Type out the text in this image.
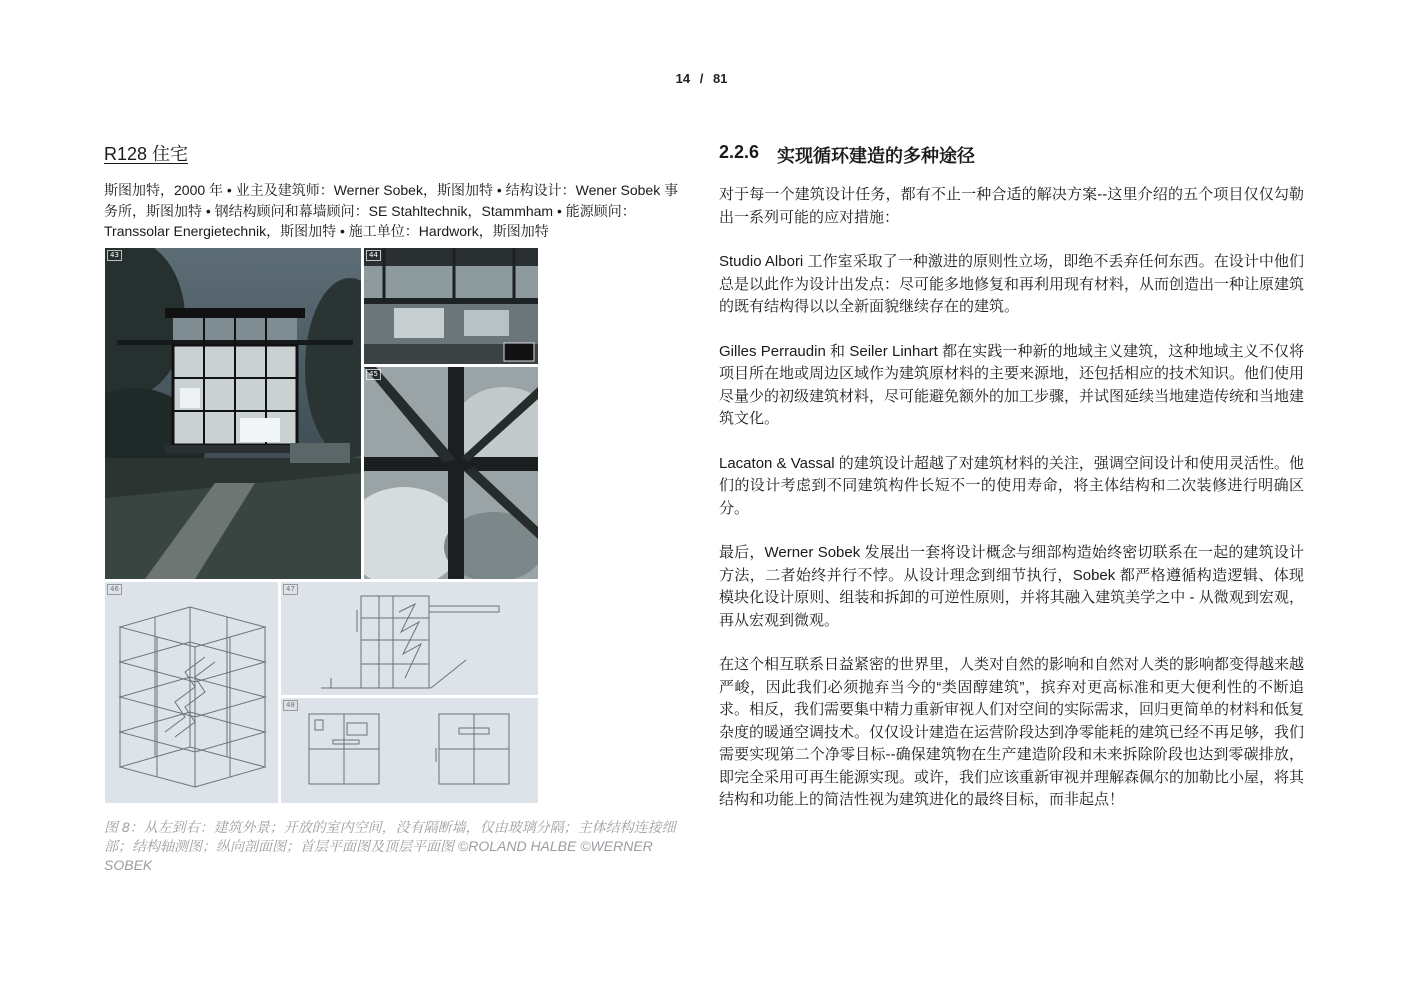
14 / 81
R128 住宅
斯图加特，2000 年 • 业主及建筑师：Werner Sobek，斯图加特 • 结构设计：Wener Sobek 事务所，斯图加特 • 钢结构顾问和幕墙顾问：SE Stahltechnik，Stammham • 能源顾问：Transsolar Energietechnik，斯图加特 • 施工单位：Hardwork，斯图加特
43	44
45
46	47
48
图 8：从左到右：建筑外景；开放的室内空间，没有隔断墙，仅由玻璃分隔；主体结构连接细部；结构轴测图；纵向剖面图；首层平面图及顶层平面图 ©ROLAND HALBE ©WERNER SOBEK
2.2.6 实现循环建造的多种途径

对于每一个建筑设计任务，都有不止一种合适的解决方案--这里介绍的五个项目仅仅勾勒出一系列可能的应对措施：

Studio Albori 工作室采取了一种激进的原则性立场，即绝不丢弃任何东西。在设计中他们总是以此作为设计出发点：尽可能多地修复和再利用现有材料，从而创造出一种让原建筑的既有结构得以以全新面貌继续存在的建筑。

Gilles Perraudin 和 Seiler Linhart 都在实践一种新的地域主义建筑，这种地域主义不仅将项目所在地或周边区域作为建筑原材料的主要来源地，还包括相应的技术知识。他们使用尽量少的初级建筑材料，尽可能避免额外的加工步骤，并试图延续当地建造传统和当地建筑文化。

Lacaton & Vassal 的建筑设计超越了对建筑材料的关注，强调空间设计和使用灵活性。他们的设计考虑到不同建筑构件长短不一的使用寿命，将主体结构和二次装修进行明确区分。

最后，Werner Sobek 发展出一套将设计概念与细部构造始终密切联系在一起的建筑设计方法，二者始终并行不悖。从设计理念到细节执行，Sobek 都严格遵循构造逻辑、体现模块化设计原则、组装和拆卸的可逆性原则，并将其融入建筑美学之中 - 从微观到宏观，再从宏观到微观。

在这个相互联系日益紧密的世界里，人类对自然的影响和自然对人类的影响都变得越来越严峻，因此我们必须抛弃当今的“类固醇建筑”，摈弃对更高标准和更大便利性的不断追求。相反，我们需要集中精力重新审视人们对空间的实际需求，回归更简单的材料和低复杂度的暖通空调技术。仅仅设计建造在运营阶段达到净零能耗的建筑已经不再足够，我们需要实现第二个净零目标--确保建筑物在生产建造阶段和未来拆除阶段也达到零碳排放，即完全采用可再生能源实现。或许，我们应该重新审视并理解森佩尔的加勒比小屋，将其结构和功能上的简洁性视为建筑进化的最终目标，而非起点！
